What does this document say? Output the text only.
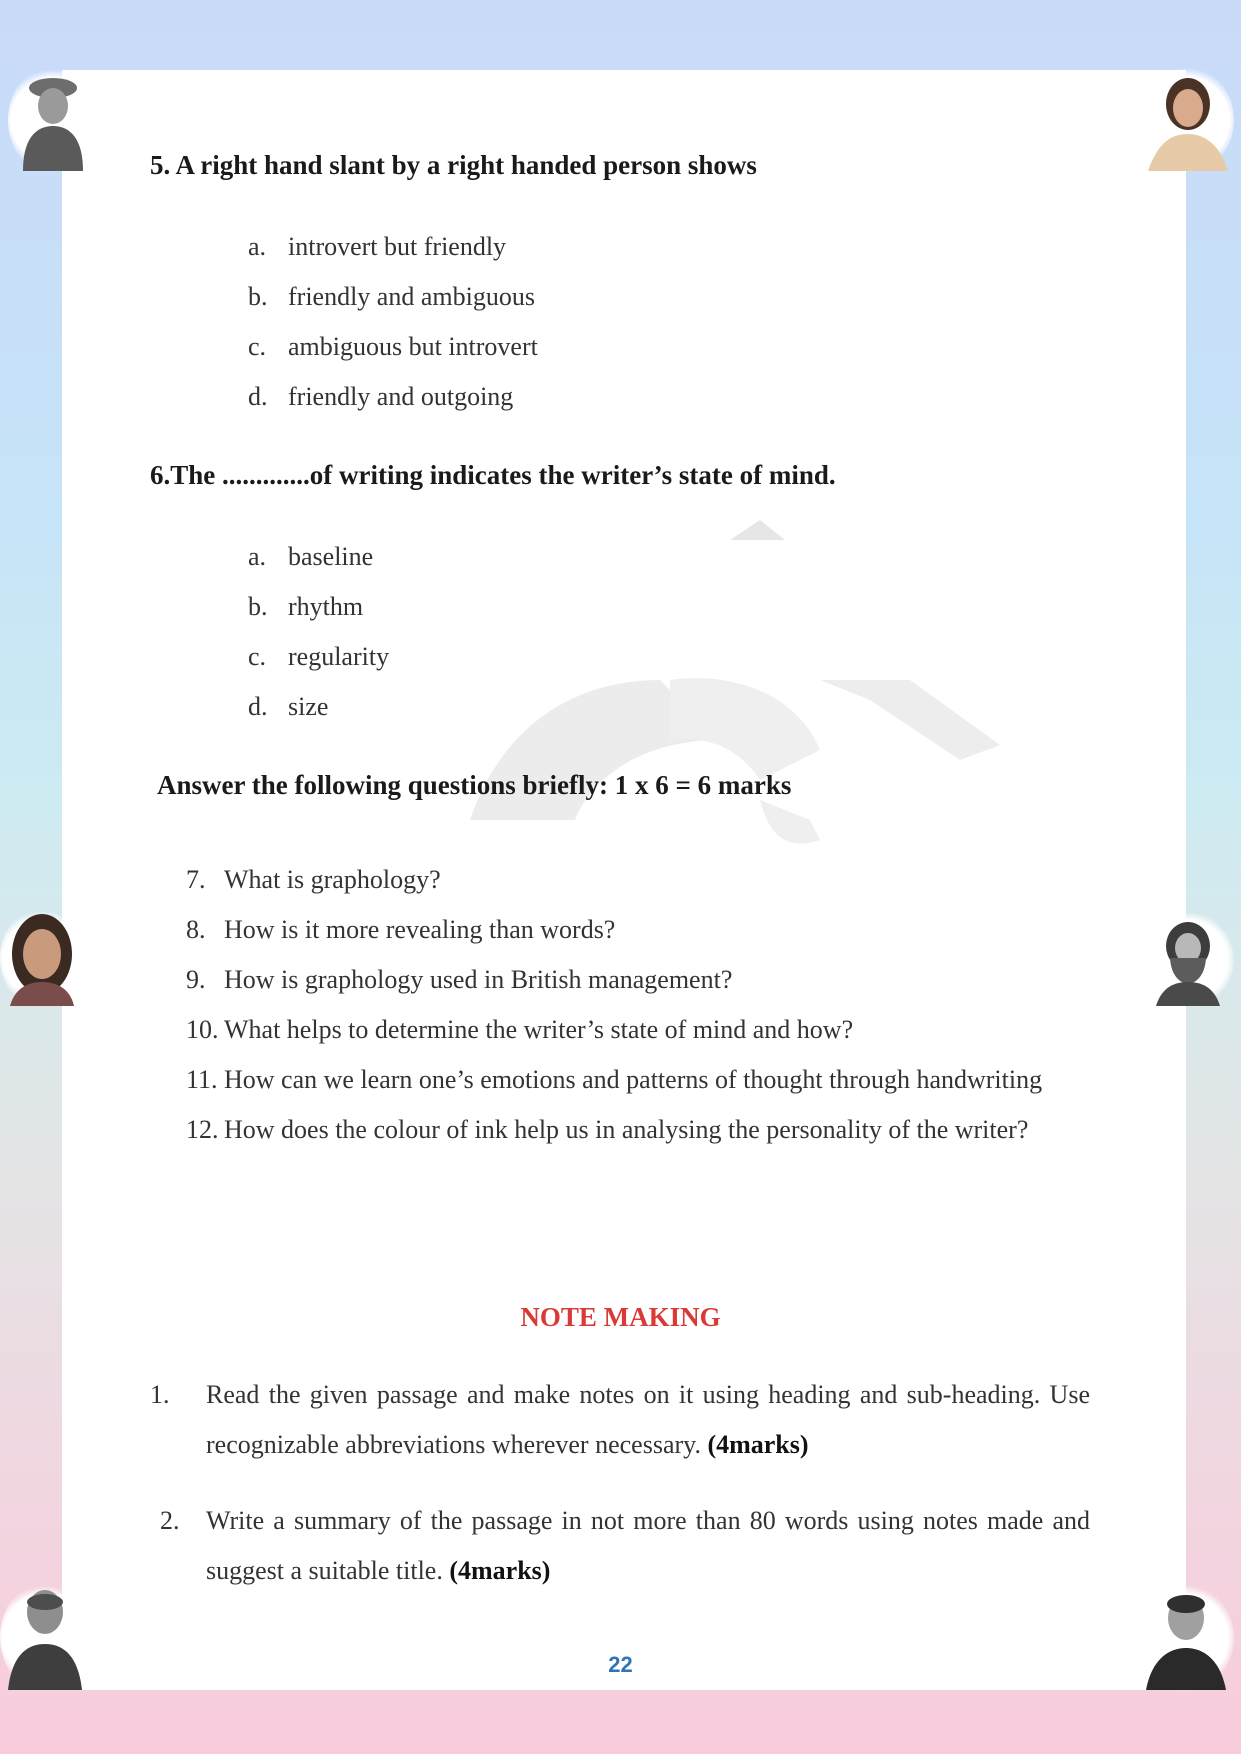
5. A right hand slant by a right handed person shows

a. introvert but friendly
b. friendly and ambiguous
c. ambiguous but introvert
d. friendly and outgoing

6.The .............of writing indicates the writer’s state of mind.

a. baseline
b. rhythm
c. regularity
d. size

Answer the following questions briefly: 1 x 6 = 6 marks

7. What is graphology?
8. How is it more revealing than words?
9. How is graphology used in British management?
10. What helps to determine the writer’s state of mind and how?
11. How can we learn one’s emotions and patterns of thought through handwriting
12. How does the colour of ink help us in analysing the personality of the writer?

NOTE MAKING

1.	Read the given passage and make notes on it using heading and sub-heading. Use recognizable abbreviations wherever necessary. (4marks)
2.	Write a summary of the passage in not more than 80 words using notes made and suggest a suitable title. (4marks)
22
